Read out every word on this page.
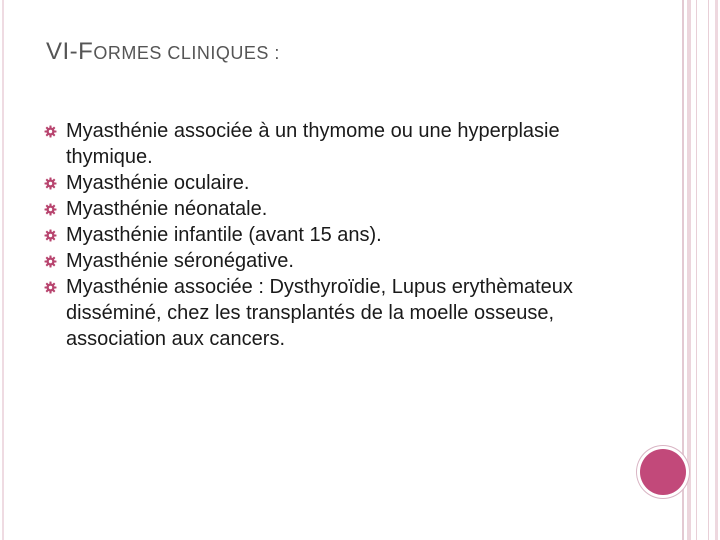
VI-FORMES CLINIQUES :
Myasthénie associée à un thymome ou une hyperplasie thymique.
Myasthénie oculaire.
Myasthénie néonatale.
Myasthénie infantile (avant 15 ans).
Myasthénie séronégative.
Myasthénie associée : Dysthyroïdie, Lupus erythèmateux disséminé, chez les transplantés de la moelle osseuse, association aux cancers.
